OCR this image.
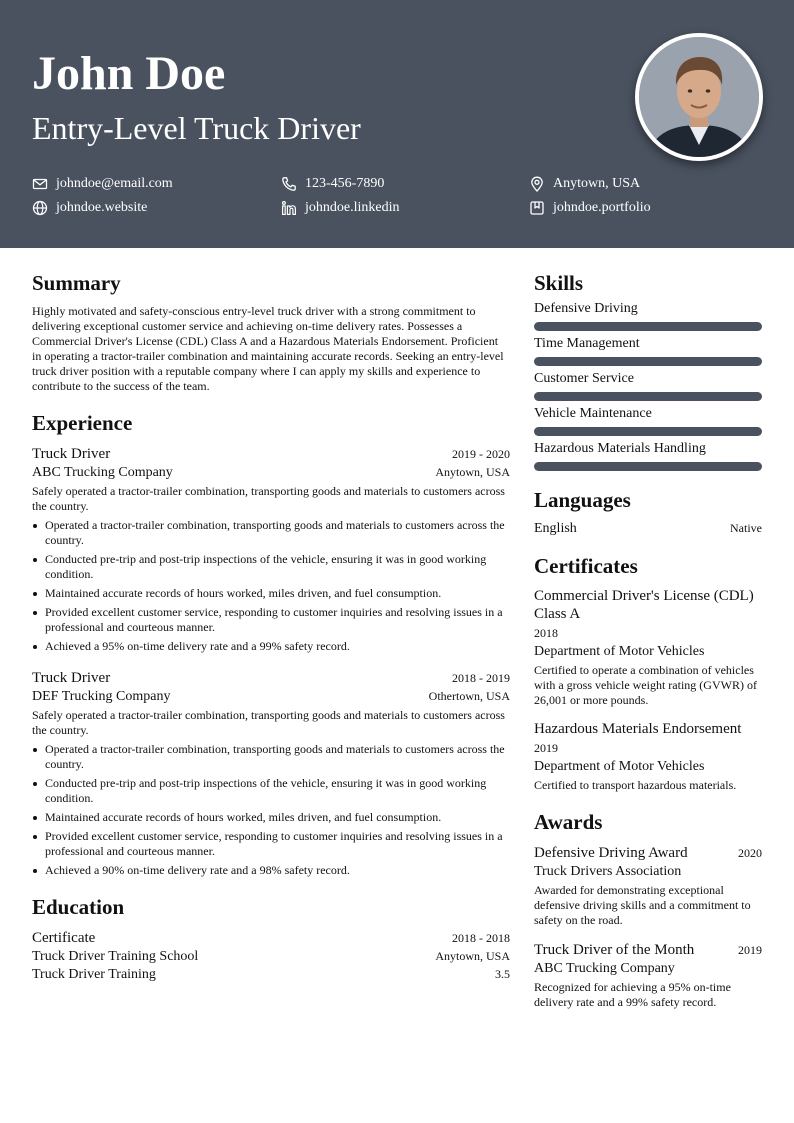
John Doe
Entry-Level Truck Driver
johndoe@email.com	123-456-7890	Anytown, USA
johndoe.website	johndoe.linkedin	johndoe.portfolio
Summary
Highly motivated and safety-conscious entry-level truck driver with a strong commitment to delivering exceptional customer service and achieving on-time delivery rates. Possesses a Commercial Driver's License (CDL) Class A and a Hazardous Materials Endorsement. Proficient in operating a tractor-trailer combination and maintaining accurate records. Seeking an entry-level truck driver position with a reputable company where I can apply my skills and experience to contribute to the success of the team.
Experience
Truck Driver	2019 - 2020
ABC Trucking Company	Anytown, USA
Safely operated a tractor-trailer combination, transporting goods and materials to customers across the country.
Operated a tractor-trailer combination, transporting goods and materials to customers across the country.
Conducted pre-trip and post-trip inspections of the vehicle, ensuring it was in good working condition.
Maintained accurate records of hours worked, miles driven, and fuel consumption.
Provided excellent customer service, responding to customer inquiries and resolving issues in a professional and courteous manner.
Achieved a 95% on-time delivery rate and a 99% safety record.
Truck Driver	2018 - 2019
DEF Trucking Company	Othertown, USA
Safely operated a tractor-trailer combination, transporting goods and materials to customers across the country.
Operated a tractor-trailer combination, transporting goods and materials to customers across the country.
Conducted pre-trip and post-trip inspections of the vehicle, ensuring it was in good working condition.
Maintained accurate records of hours worked, miles driven, and fuel consumption.
Provided excellent customer service, responding to customer inquiries and resolving issues in a professional and courteous manner.
Achieved a 90% on-time delivery rate and a 98% safety record.
Education
Certificate	2018 - 2018
Truck Driver Training School	Anytown, USA
Truck Driver Training	3.5
Skills
Defensive Driving
Time Management
Customer Service
Vehicle Maintenance
Hazardous Materials Handling
Languages
English	Native
Certificates
Commercial Driver's License (CDL) Class A
2018
Department of Motor Vehicles
Certified to operate a combination of vehicles with a gross vehicle weight rating (GVWR) of 26,001 or more pounds.
Hazardous Materials Endorsement
2019
Department of Motor Vehicles
Certified to transport hazardous materials.
Awards
Defensive Driving Award	2020
Truck Drivers Association
Awarded for demonstrating exceptional defensive driving skills and a commitment to safety on the road.
Truck Driver of the Month	2019
ABC Trucking Company
Recognized for achieving a 95% on-time delivery rate and a 99% safety record.
